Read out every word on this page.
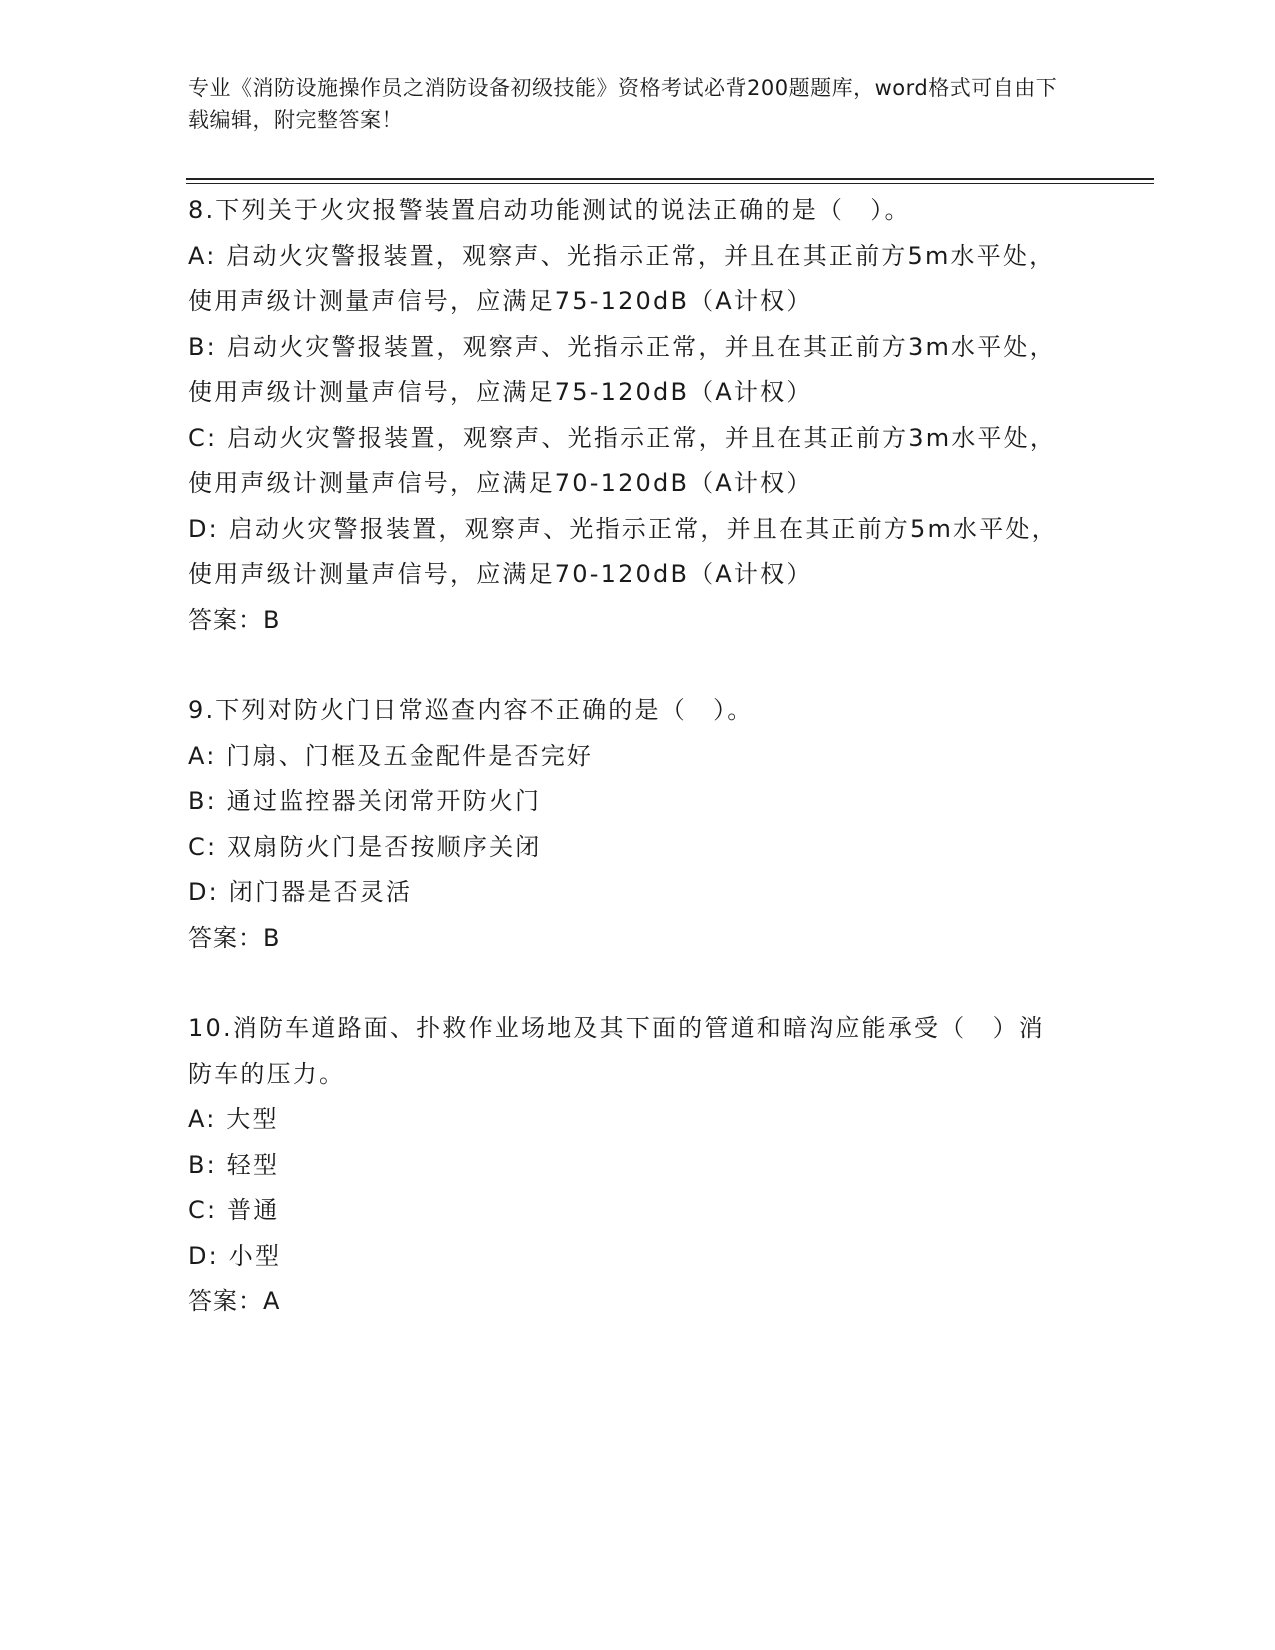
专业《消防设施操作员之消防设备初级技能》资格考试必背200题题库，word格式可自由下载编辑，附完整答案！
8.下列关于火灾报警装置启动功能测试的说法正确的是（　）。
A: 启动火灾警报装置，观察声、光指示正常，并且在其正前方5m水平处，使用声级计测量声信号，应满足75-120dB（A计权）
B: 启动火灾警报装置，观察声、光指示正常，并且在其正前方3m水平处，使用声级计测量声信号，应满足75-120dB（A计权）
C: 启动火灾警报装置，观察声、光指示正常，并且在其正前方3m水平处，使用声级计测量声信号，应满足70-120dB（A计权）
D: 启动火灾警报装置，观察声、光指示正常，并且在其正前方5m水平处，使用声级计测量声信号，应满足70-120dB（A计权）
答案：B
9.下列对防火门日常巡查内容不正确的是（　）。
A: 门扇、门框及五金配件是否完好
B: 通过监控器关闭常开防火门
C: 双扇防火门是否按顺序关闭
D: 闭门器是否灵活
答案：B
10.消防车道路面、扑救作业场地及其下面的管道和暗沟应能承受（　）消防车的压力。
A: 大型
B: 轻型
C: 普通
D: 小型
答案：A
